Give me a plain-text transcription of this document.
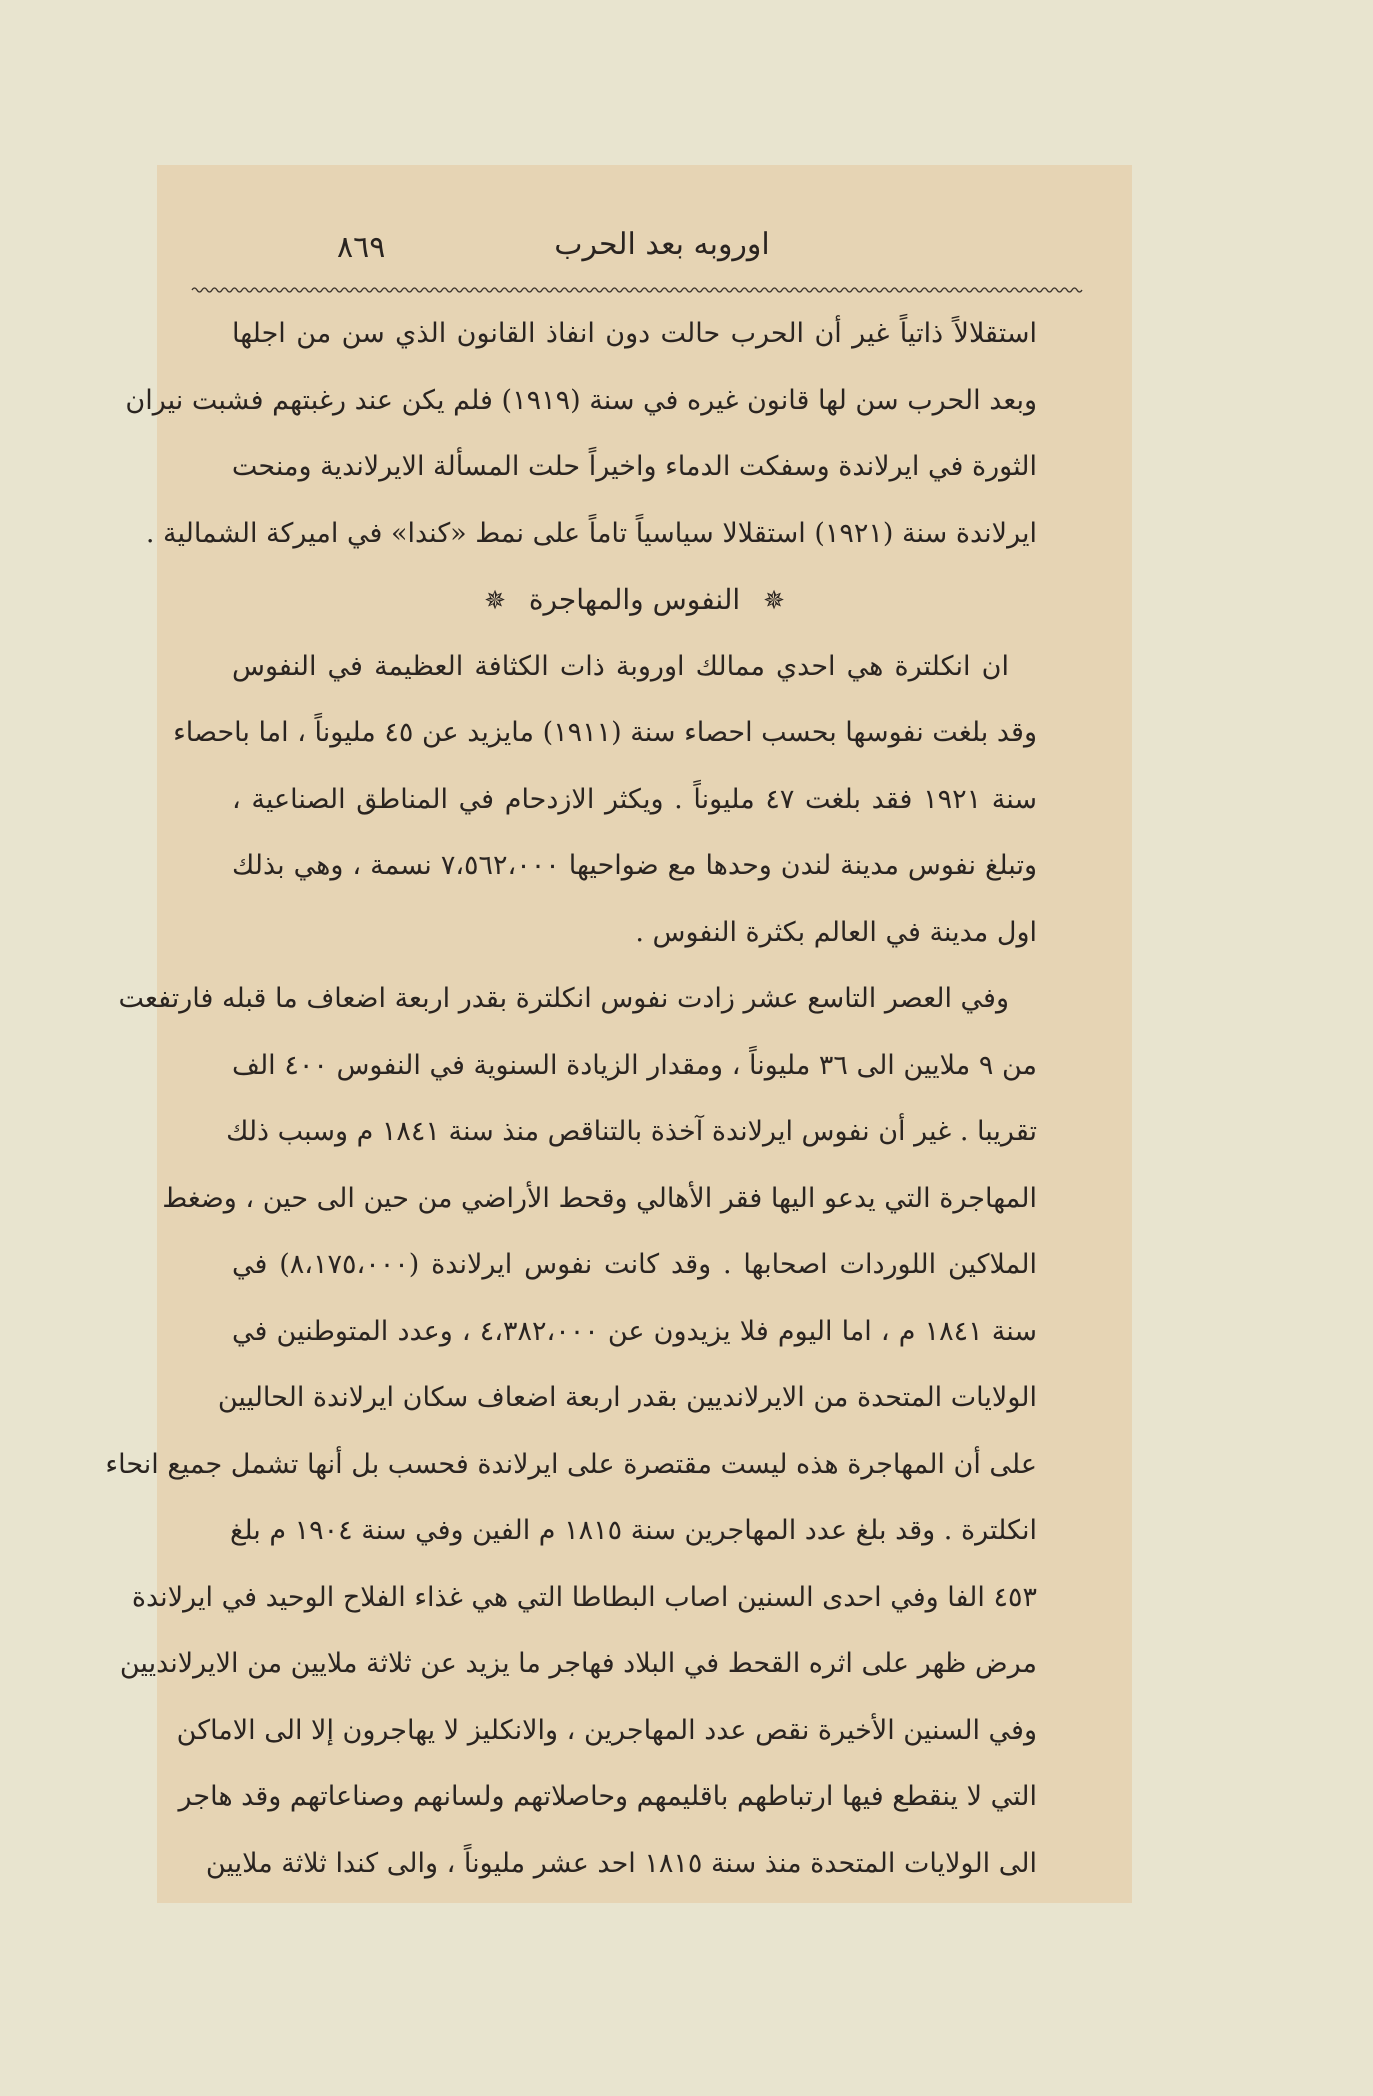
٨٦٩	اوروبه بعد الحرب
استقلالاً ذاتياً غير أن الحرب حالت دون انفاذ القانون الذي سن من اجلها
وبعد الحرب سن لها قانون غيره في سنة (١٩١٩) فلم يكن عند رغبتهم فشبت نيران
الثورة في ايرلاندة وسفكت الدماء واخيراً حلت المسألة الايرلاندية ومنحت
ايرلاندة سنة (١٩٢١) استقلالا سياسياً تاماً على نمط «كندا» في اميركة الشمالية .
✵ النفوس والمهاجرة ✵
ان انكلترة هي احدي ممالك اوروبة ذات الكثافة العظيمة في النفوس
وقد بلغت نفوسها بحسب احصاء سنة (١٩١١) مايزيد عن ٤٥ مليوناً ، اما باحصاء
سنة ١٩٢١ فقد بلغت ٤٧ مليوناً . ويكثر الازدحام في المناطق الصناعية ،
وتبلغ نفوس مدينة لندن وحدها مع ضواحيها ٧،٥٦٢،٠٠٠ نسمة ، وهي بذلك
اول مدينة في العالم بكثرة النفوس .
وفي العصر التاسع عشر زادت نفوس انكلترة بقدر اربعة اضعاف ما قبله فارتفعت
من ٩ ملايين الى ٣٦ مليوناً ، ومقدار الزيادة السنوية في النفوس ٤٠٠ الف
تقريبا . غير أن نفوس ايرلاندة آخذة بالتناقص منذ سنة ١٨٤١ م وسبب ذلك
المهاجرة التي يدعو اليها فقر الأهالي وقحط الأراضي من حين الى حين ، وضغط
الملاكين اللوردات اصحابها . وقد كانت نفوس ايرلاندة (٨،١٧٥،٠٠٠) في
سنة ١٨٤١ م ، اما اليوم فلا يزيدون عن ٤،٣٨٢،٠٠٠ ، وعدد المتوطنين في
الولايات المتحدة من الايرلانديين بقدر اربعة اضعاف سكان ايرلاندة الحاليين
على أن المهاجرة هذه ليست مقتصرة على ايرلاندة فحسب بل أنها تشمل جميع انحاء
انكلترة . وقد بلغ عدد المهاجرين سنة ١٨١٥ م الفين وفي سنة ١٩٠٤ م بلغ
٤٥٣ الفا وفي احدى السنين اصاب البطاطا التي هي غذاء الفلاح الوحيد في ايرلاندة
مرض ظهر على اثره القحط في البلاد فهاجر ما يزيد عن ثلاثة ملايين من الايرلانديين
وفي السنين الأخيرة نقص عدد المهاجرين ، والانكليز لا يهاجرون إلا الى الاماكن
التي لا ينقطع فيها ارتباطهم باقليمهم وحاصلاتهم ولسانهم وصناعاتهم وقد هاجر
الى الولايات المتحدة منذ سنة ١٨١٥ احد عشر مليوناً ، والى كندا ثلاثة ملايين
